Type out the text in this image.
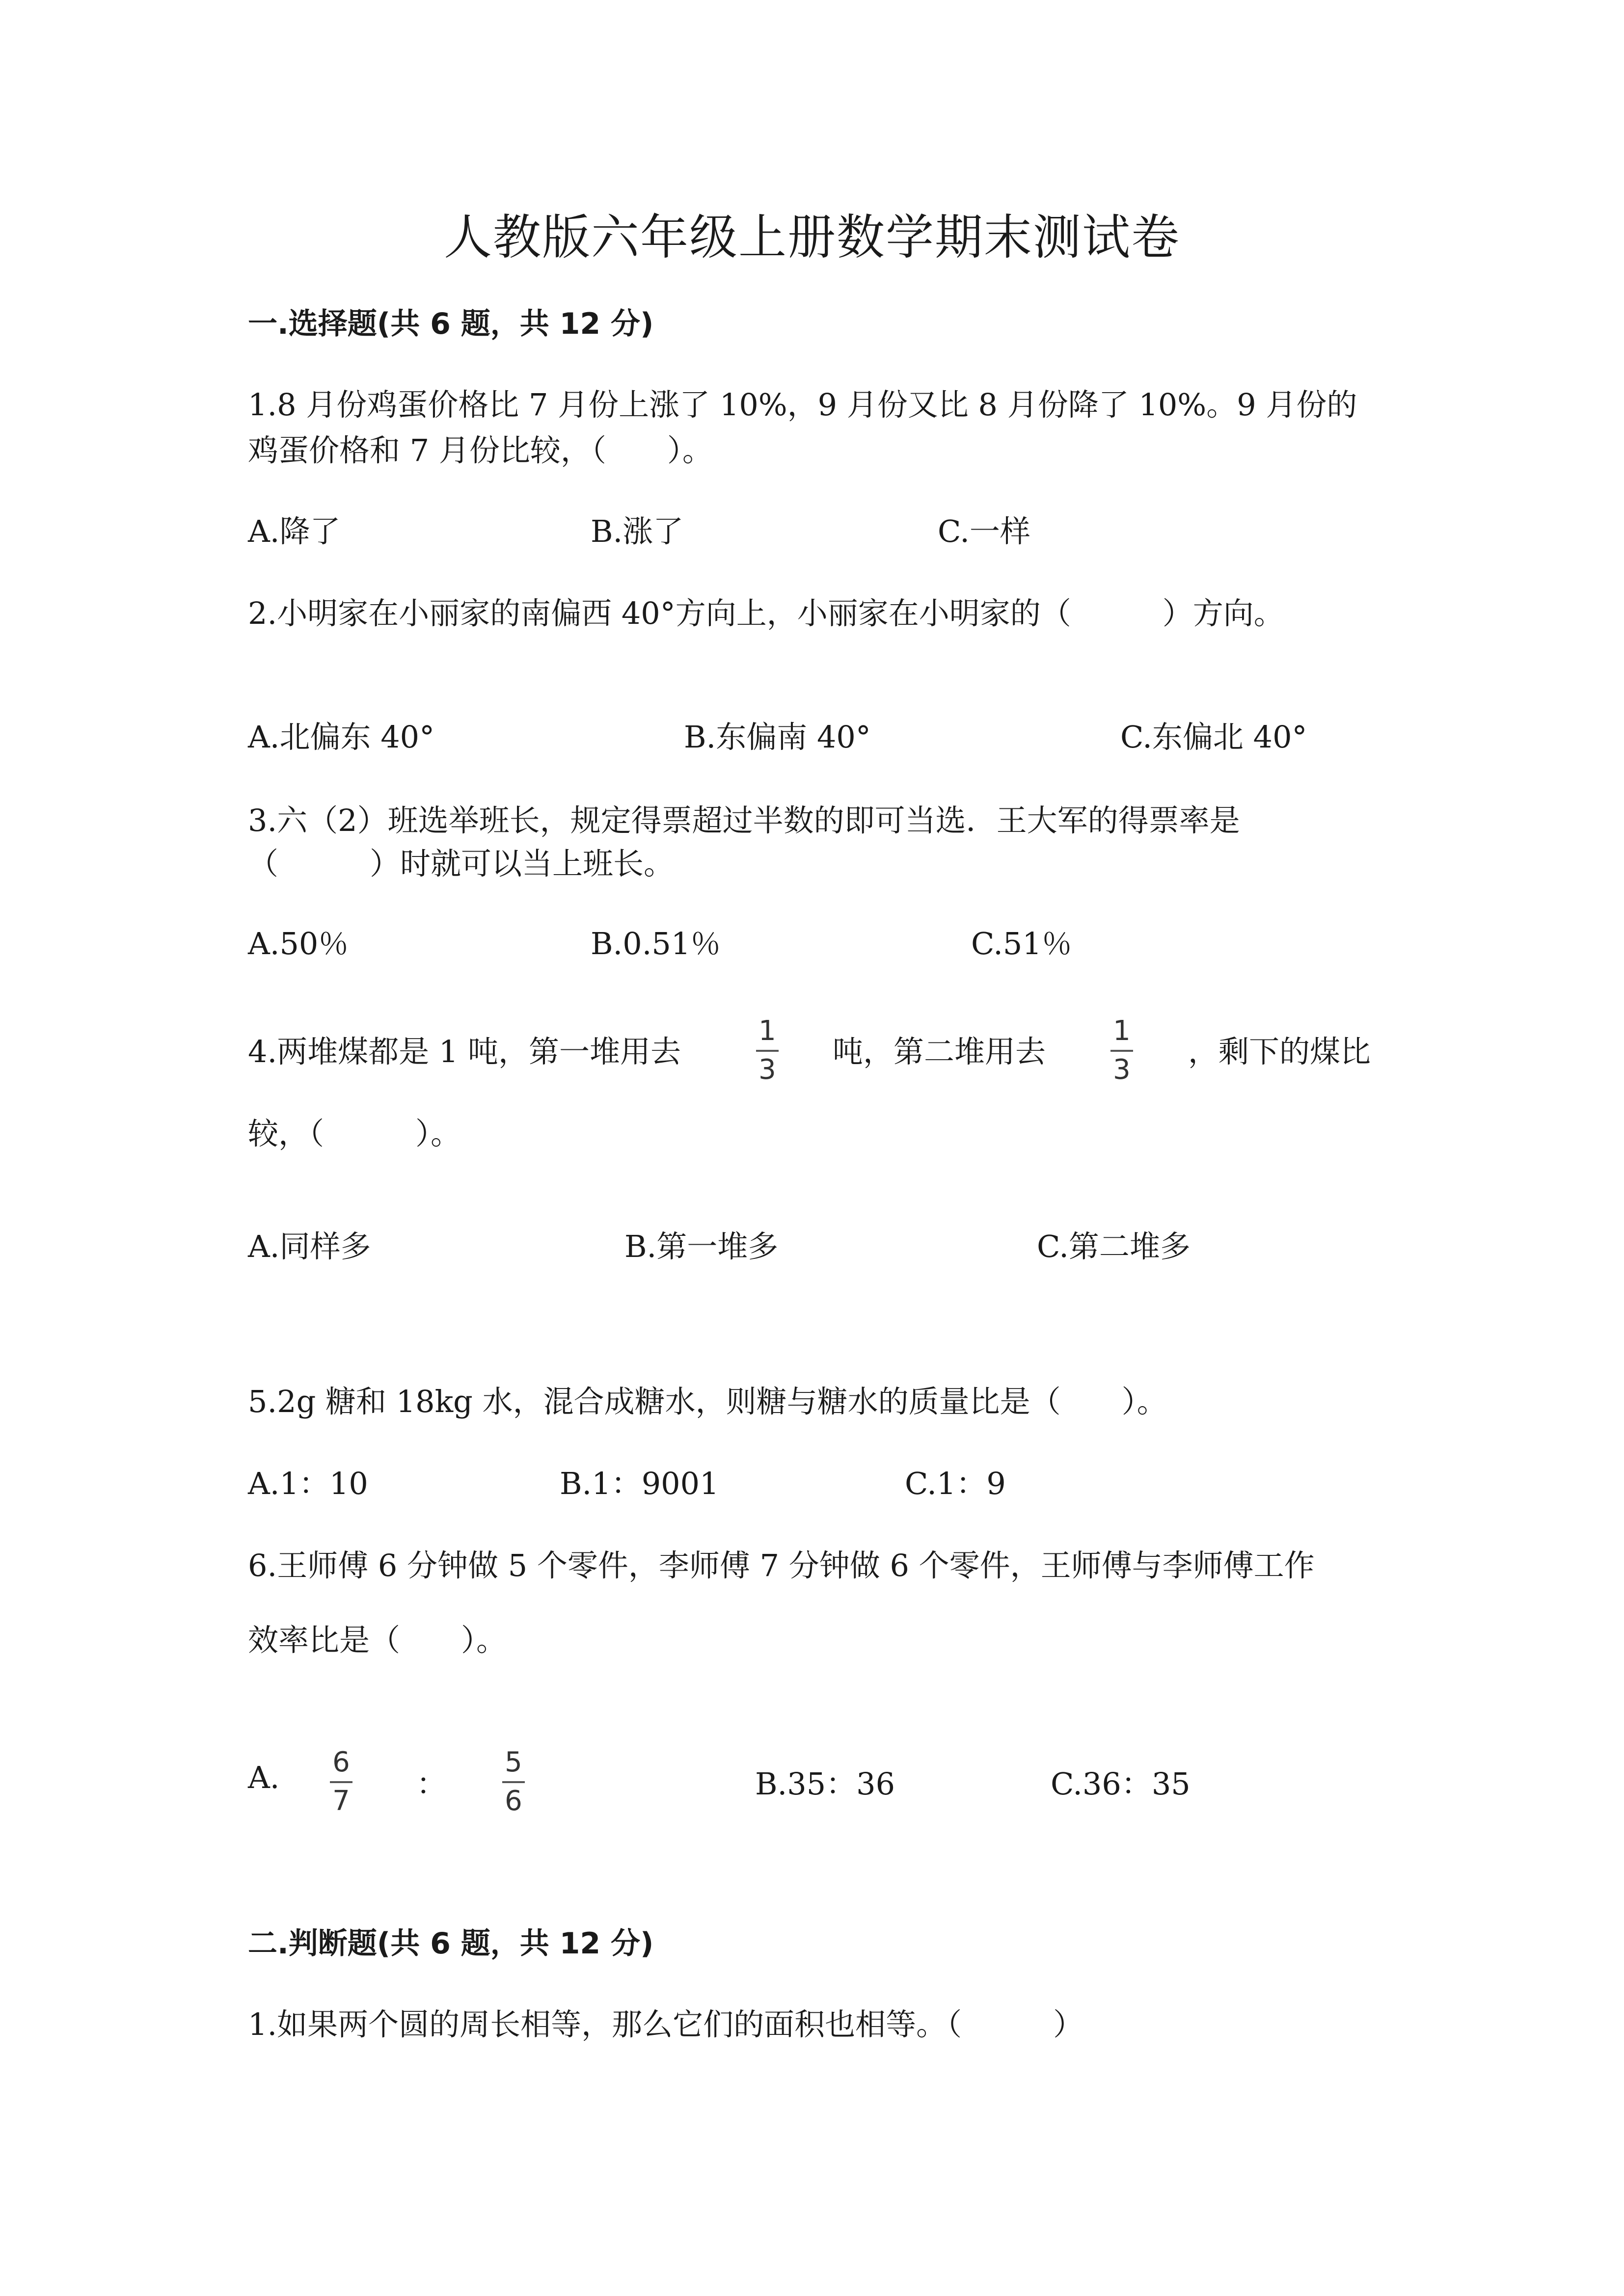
人教版六年级上册数学期末测试卷
一.选择题(共 6 题，共 12 分)
1.8 月份鸡蛋价格比 7 月份上涨了 10%，9 月份又比 8 月份降了 10%。9 月份的
鸡蛋价格和 7 月份比较，（　　）。
A.降了	B.涨了	C.一样
2.小明家在小丽家的南偏西 40°方向上，小丽家在小明家的（　　　）方向。
A.北偏东 40°	B.东偏南 40°	C.东偏北 40°
3.六（2）班选举班长，规定得票超过半数的即可当选．王大军的得票率是
（　　　）时就可以当上班长。
A.50％	B.0.51％	C.51％
4.两堆煤都是 1 吨，第一堆用去
1
3
吨，第二堆用去
1
3
，剩下的煤比
较，（　　　）。
A.同样多	B.第一堆多	C.第二堆多
5.2g 糖和 18kg 水，混合成糖水，则糖与糖水的质量比是（　　）。
A.1：10	B.1：9001	C.1：9
6.王师傅 6 分钟做 5 个零件，李师傅 7 分钟做 6 个零件，王师傅与李师傅工作
效率比是（　　）。
A. 6
7 ：
5
6	B.35：36	C.36：35
二.判断题(共 6 题，共 12 分)
1.如果两个圆的周长相等，那么它们的面积也相等。（　　　）
